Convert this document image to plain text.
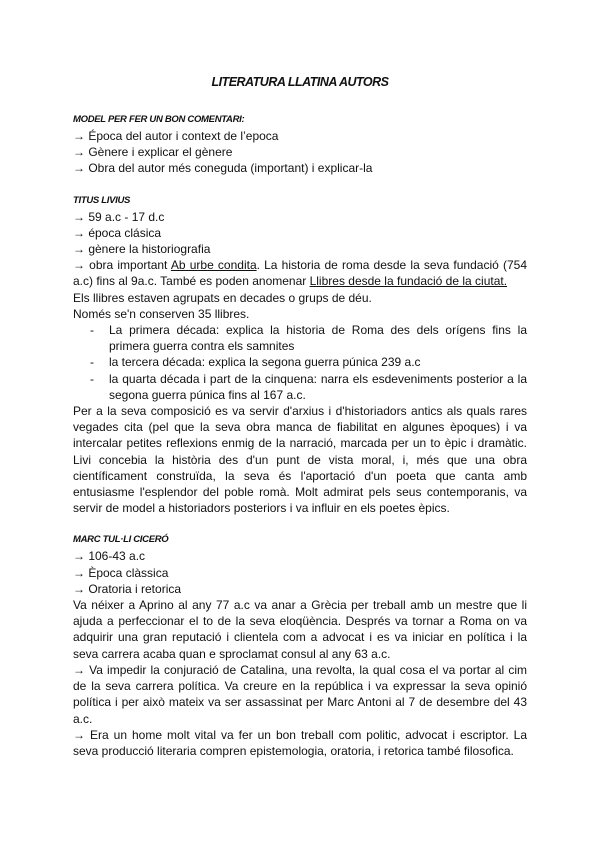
LITERATURA LLATINA AUTORS

MODEL PER FER UN BON COMENTARI:

→ Época del autor i context de l’epoca

→ Gènere i explicar el gènere

→ Obra del autor més coneguda (important) i explicar-la

TITUS LIVIUS

→ 59 a.c - 17 d.c

→ época clásica

→ gènere la historiografia

→ obra important Ab urbe condita. La historia de roma desde la seva fundació (754 a.c) fins al 9a.c. També es poden anomenar Llibres desde la fundació de la ciutat.

Els llibres estaven agrupats en decades o grups de déu.

Només se'n conserven 35 llibres.

- La primera década: explica la historia de Roma des dels orígens fins la primera guerra contra els samnites
- la tercera década: explica la segona guerra púnica 239 a.c
- la quarta década i part de la cinquena: narra els esdeveniments posterior a la segona guerra púnica fins al 167 a.c.

Per a la seva composició es va servir d'arxius i d'historiadors antics als quals rares vegades cita (pel que la seva obra manca de fiabilitat en algunes èpoques) i va intercalar petites reflexions enmig de la narració, marcada per un to èpic i dramàtic. Livi concebia la història des d'un punt de vista moral, i, més que una obra científicament construïda, la seva és l'aportació d'un poeta que canta amb entusiasme l'esplendor del poble romà. Molt admirat pels seus contemporanis, va servir de model a historiadors posteriors i va influir en els poetes èpics.

MARC TUL·LI CICERÓ

→ 106-43 a.c

→ Època clàssica

→ Oratoria i retorica

Va néixer a Aprino al any 77 a.c va anar a Grècia per treball amb un mestre que li ajuda a perfeccionar el to de la seva eloqüència. Després va tornar a Roma on va adquirir una gran reputació i clientela com a advocat i es va iniciar en política i la seva carrera acaba quan e sproclamat consul al any 63 a.c.

→ Va impedir la conjuració de Catalina, una revolta, la qual cosa el va portar al cim de la seva carrera política. Va creure en la república i va expressar la seva opinió política i per això mateix va ser assassinat per Marc Antoni al 7 de desembre del 43 a.c.

→ Era un home molt vital va fer un bon treball com politic, advocat i escriptor. La seva producció literaria compren epistemologia, oratoria, i retorica també filosofica.
